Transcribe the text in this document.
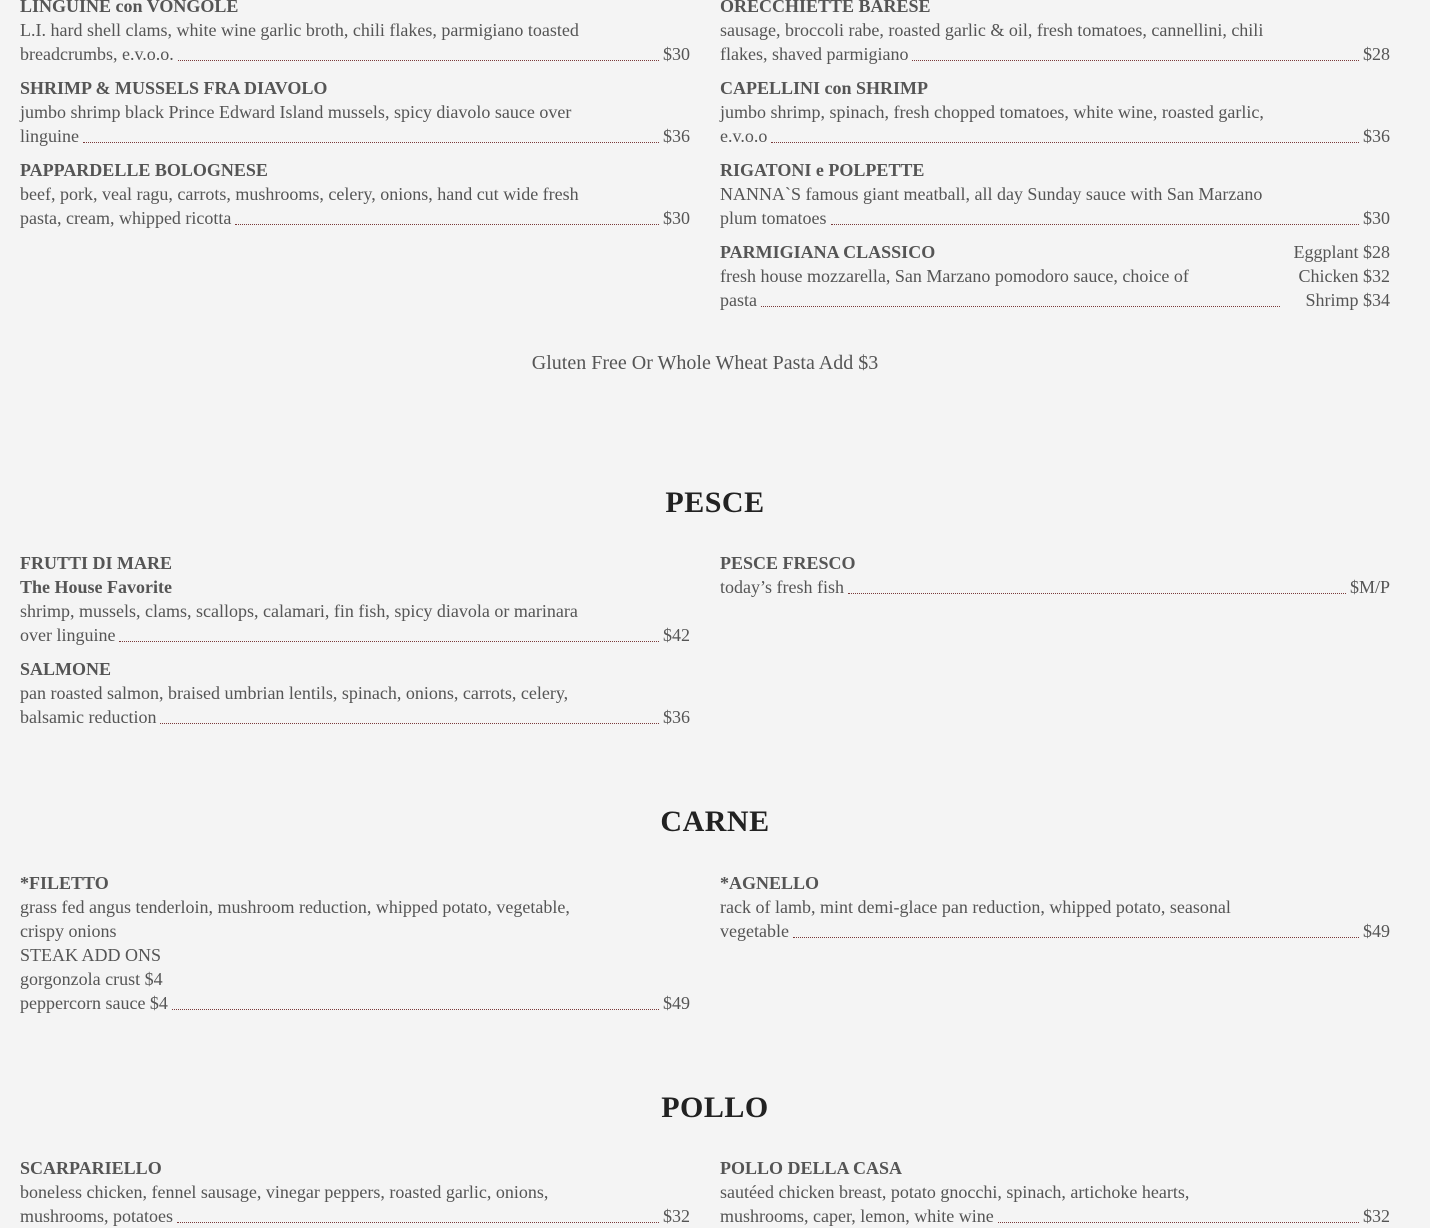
LINGUINE con VONGOLE
L.I. hard shell clams, white wine garlic broth, chili flakes, parmigiano toasted
breadcrumbs, e.v.o.o.	$30
SHRIMP & MUSSELS FRA DIAVOLO
jumbo shrimp black Prince Edward Island mussels, spicy diavolo sauce over
linguine	$36
PAPPARDELLE BOLOGNESE
beef, pork, veal ragu, carrots, mushrooms, celery, onions, hand cut wide fresh
pasta, cream, whipped ricotta	$30
ORECCHIETTE BARESE
sausage, broccoli rabe, roasted garlic & oil, fresh tomatoes, cannellini, chili
flakes, shaved parmigiano	$28
CAPELLINI con SHRIMP
jumbo shrimp, spinach, fresh chopped tomatoes, white wine, roasted garlic,
e.v.o.o	$36
RIGATONI e POLPETTE
NANNA`S famous giant meatball, all day Sunday sauce with San Marzano
plum tomatoes	$30
PARMIGIANA CLASSICO
fresh house mozzarella, San Marzano pomodoro sauce, choice of
pasta
Eggplant $28
Chicken $32
Shrimp $34
Gluten Free Or Whole Wheat Pasta Add $3
PESCE
FRUTTI DI MARE
The House Favorite
shrimp, mussels, clams, scallops, calamari, fin fish, spicy diavola or marinara
over linguine	$42
SALMONE
pan roasted salmon, braised umbrian lentils, spinach, onions, carrots, celery,
balsamic reduction	$36
PESCE FRESCO
today’s fresh fish	$M/P
CARNE
*FILETTO
grass fed angus tenderloin, mushroom reduction, whipped potato, vegetable,
crispy onions
STEAK ADD ONS
gorgonzola crust $4
peppercorn sauce $4	$49
*AGNELLO
rack of lamb, mint demi-glace pan reduction, whipped potato, seasonal
vegetable	$49
POLLO
SCARPARIELLO
boneless chicken, fennel sausage, vinegar peppers, roasted garlic, onions,
mushrooms, potatoes	$32
POLLO DELLA CASA
sautéed chicken breast, potato gnocchi, spinach, artichoke hearts,
mushrooms, caper, lemon, white wine	$32
